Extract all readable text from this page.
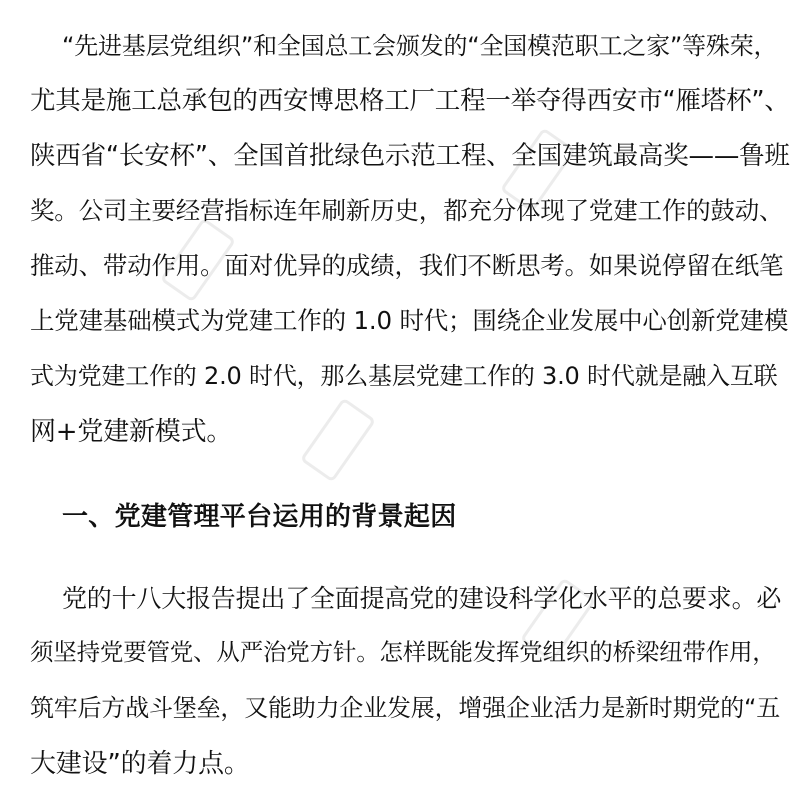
“先进基层党组织”和全国总工会颁发的“全国模范职工之家”等殊荣，
尤其是施工总承包的西安博思格工厂工程一举夺得西安市“雁塔杯”、
陕西省“长安杯”、全国首批绿色示范工程、全国建筑最高奖——鲁班
奖。公司主要经营指标连年刷新历史，都充分体现了党建工作的鼓动、
推动、带动作用。面对优异的成绩，我们不断思考。如果说停留在纸笔
上党建基础模式为党建工作的 1.0 时代；围绕企业发展中心创新党建模
式为党建工作的 2.0 时代，那么基层党建工作的 3.0 时代就是融入互联
网+党建新模式。
一、党建管理平台运用的背景起因
党的十八大报告提出了全面提高党的建设科学化水平的总要求。必
须坚持党要管党、从严治党方针。怎样既能发挥党组织的桥梁纽带作用，
筑牢后方战斗堡垒，又能助力企业发展，增强企业活力是新时期党的“五
大建设”的着力点。
